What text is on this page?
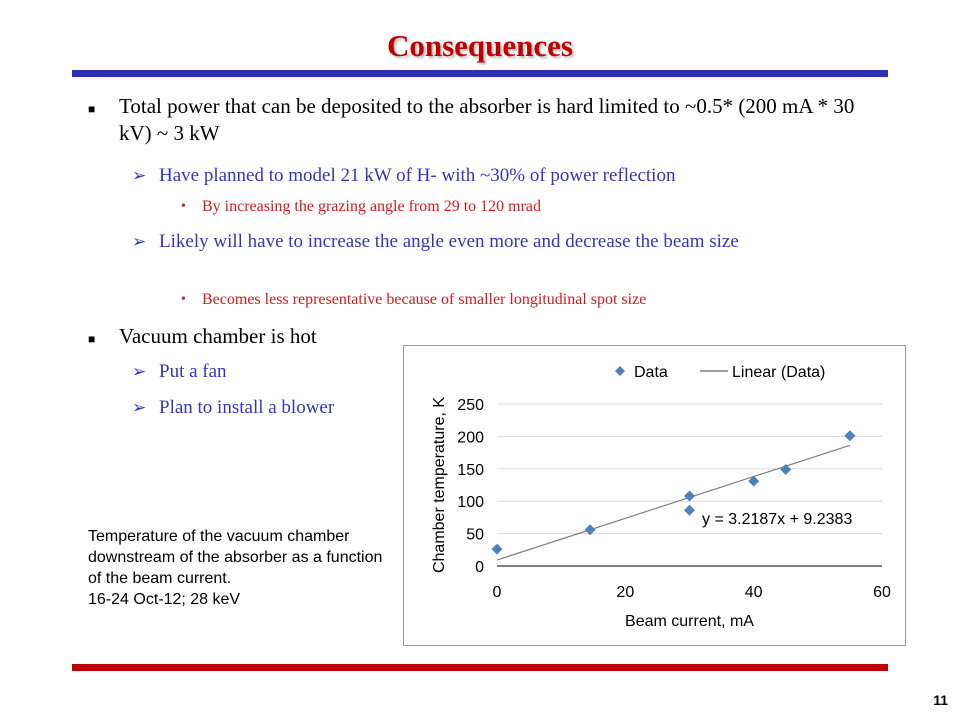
Consequences
■ Total power that can be deposited to the absorber is hard limited to ~0.5* (200 mA * 30 kV) ~ 3 kW
➢ Have planned to model 21 kW of H- with ~30% of power reflection
• By increasing the grazing angle from 29 to 120 mrad
➢ Likely will have to increase the angle even more and decrease the beam size
• Becomes less representative because of smaller longitudinal spot size
■ Vacuum chamber is hot
➢ Put a fan
➢ Plan to install a blower
0
50
100
150
200
250
0	20	40	60
Beam current, mA
Chamber temperature, K	y = 3.2187x + 9.2383
Data	Linear (Data)
Temperature of the vacuum chamber downstream of the absorber as a function of the beam current.
16-24 Oct-12; 28 keV
11
